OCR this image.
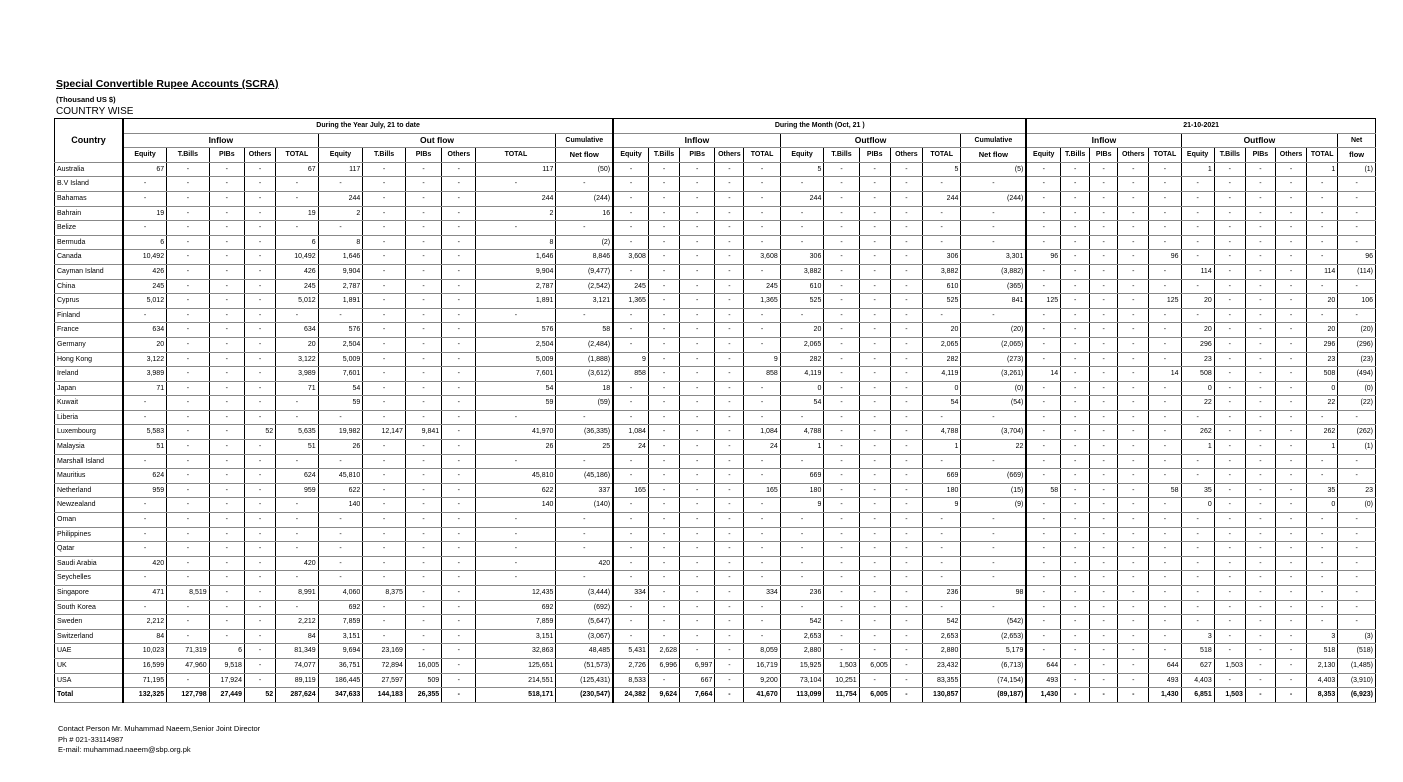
Special Convertible Rupee Accounts (SCRA)
(Thousand US $)
COUNTRY WISE
Country	During the Year July, 21 to date											During the Month (Oct, 21 )											21-10-2021										
	Inflow					Out flow					Cumulative	Inflow					Outflow					Cumulative	Inflow					Outflow					Net
	Equity	T.Bills	PIBs	Others	TOTAL	Equity	T.Bills	PIBs	Others	TOTAL	Net flow	Equity	T.Bills	PIBs	Others	TOTAL	Equity	T.Bills	PIBs	Others	TOTAL	Net flow	Equity	T.Bills	PIBs	Others	TOTAL	Equity	T.Bills	PIBs	Others	TOTAL	flow
Australia	67	-	-	-	67	117	-	-	-	117	(50)	-	-	-	-	-	5	-	-	-	5	(5)	-	-	-	-	-	1	-	-	-	1	(1)
B.V Island	-	-	-	-	-	-	-	-	-	-	-	-	-	-	-	-	-	-	-	-	-	-	-	-	-	-	-	-	-	-	-	-	-
Bahamas	-	-	-	-	-	244	-	-	-	244	(244)	-	-	-	-	-	244	-	-	-	244	(244)	-	-	-	-	-	-	-	-	-	-	-
Bahrain	19	-	-	-	19	2	-	-	-	2	16	-	-	-	-	-	-	-	-	-	-	-	-	-	-	-	-	-	-	-	-	-	-
Belize	-	-	-	-	-	-	-	-	-	-	-	-	-	-	-	-	-	-	-	-	-	-	-	-	-	-	-	-	-	-	-	-	-
Bermuda	6	-	-	-	6	8	-	-	-	8	(2)	-	-	-	-	-	-	-	-	-	-	-	-	-	-	-	-	-	-	-	-	-	-
Canada	10,492	-	-	-	10,492	1,646	-	-	-	1,646	8,846	3,608	-	-	-	3,608	306	-	-	-	306	3,301	96	-	-	-	96	-	-	-	-	-	96
Cayman Island	426	-	-	-	426	9,904	-	-	-	9,904	(9,477)	-	-	-	-	-	3,882	-	-	-	3,882	(3,882)	-	-	-	-	-	114	-	-	-	114	(114)
China	245	-	-	-	245	2,787	-	-	-	2,787	(2,542)	245	-	-	-	245	610	-	-	-	610	(365)	-	-	-	-	-	-	-	-	-	-	-
Cyprus	5,012	-	-	-	5,012	1,891	-	-	-	1,891	3,121	1,365	-	-	-	1,365	525	-	-	-	525	841	125	-	-	-	125	20	-	-	-	20	106
Finland	-	-	-	-	-	-	-	-	-	-	-	-	-	-	-	-	-	-	-	-	-	-	-	-	-	-	-	-	-	-	-	-	-
France	634	-	-	-	634	576	-	-	-	576	58	-	-	-	-	-	20	-	-	-	20	(20)	-	-	-	-	-	20	-	-	-	20	(20)
Germany	20	-	-	-	20	2,504	-	-	-	2,504	(2,484)	-	-	-	-	-	2,065	-	-	-	2,065	(2,065)	-	-	-	-	-	296	-	-	-	296	(296)
Hong Kong	3,122	-	-	-	3,122	5,009	-	-	-	5,009	(1,888)	9	-	-	-	9	282	-	-	-	282	(273)	-	-	-	-	-	23	-	-	-	23	(23)
Ireland	3,989	-	-	-	3,989	7,601	-	-	-	7,601	(3,612)	858	-	-	-	858	4,119	-	-	-	4,119	(3,261)	14	-	-	-	14	508	-	-	-	508	(494)
Japan	71	-	-	-	71	54	-	-	-	54	18	-	-	-	-	-	0	-	-	-	0	(0)	-	-	-	-	-	0	-	-	-	0	(0)
Kuwait	-	-	-	-	-	59	-	-	-	59	(59)	-	-	-	-	-	54	-	-	-	54	(54)	-	-	-	-	-	22	-	-	-	22	(22)
Liberia	-	-	-	-	-	-	-	-	-	-	-	-	-	-	-	-	-	-	-	-	-	-	-	-	-	-	-	-	-	-	-	-	-
Luxembourg	5,583	-	-	52	5,635	19,982	12,147	9,841	-	41,970	(36,335)	1,084	-	-	-	1,084	4,788	-	-	-	4,788	(3,704)	-	-	-	-	-	262	-	-	-	262	(262)
Malaysia	51	-	-	-	51	26	-	-	-	26	25	24	-	-	-	24	1	-	-	-	1	22	-	-	-	-	-	1	-	-	-	1	(1)
Marshall Island	-	-	-	-	-	-	-	-	-	-	-	-	-	-	-	-	-	-	-	-	-	-	-	-	-	-	-	-	-	-	-	-	-
Mauritius	624	-	-	-	624	45,810	-	-	-	45,810	(45,186)	-	-	-	-	-	669	-	-	-	669	(669)	-	-	-	-	-	-	-	-	-	-	-
Netherland	959	-	-	-	959	622	-	-	-	622	337	165	-	-	-	165	180	-	-	-	180	(15)	58	-	-	-	58	35	-	-	-	35	23
Newzealand	-	-	-	-	-	140	-	-	-	140	(140)	-	-	-	-	-	9	-	-	-	9	(9)	-	-	-	-	-	0	-	-	-	0	(0)
Oman	-	-	-	-	-	-	-	-	-	-	-	-	-	-	-	-	-	-	-	-	-	-	-	-	-	-	-	-	-	-	-	-	-
Philippines	-	-	-	-	-	-	-	-	-	-	-	-	-	-	-	-	-	-	-	-	-	-	-	-	-	-	-	-	-	-	-	-	-
Qatar	-	-	-	-	-	-	-	-	-	-	-	-	-	-	-	-	-	-	-	-	-	-	-	-	-	-	-	-	-	-	-	-	-
Saudi Arabia	420	-	-	-	420	-	-	-	-	-	420	-	-	-	-	-	-	-	-	-	-	-	-	-	-	-	-	-	-	-	-	-	-
Seychelles	-	-	-	-	-	-	-	-	-	-	-	-	-	-	-	-	-	-	-	-	-	-	-	-	-	-	-	-	-	-	-	-	-
Singapore	471	8,519	-	-	8,991	4,060	8,375	-	-	12,435	(3,444)	334	-	-	-	334	236	-	-	-	236	98	-	-	-	-	-	-	-	-	-	-	-
South Korea	-	-	-	-	-	692	-	-	-	692	(692)	-	-	-	-	-	-	-	-	-	-	-	-	-	-	-	-	-	-	-	-	-	-
Sweden	2,212	-	-	-	2,212	7,859	-	-	-	7,859	(5,647)	-	-	-	-	-	542	-	-	-	542	(542)	-	-	-	-	-	-	-	-	-	-	-
Switzerland	84	-	-	-	84	3,151	-	-	-	3,151	(3,067)	-	-	-	-	-	2,653	-	-	-	2,653	(2,653)	-	-	-	-	-	3	-	-	-	3	(3)
UAE	10,023	71,319	6	-	81,349	9,694	23,169	-	-	32,863	48,485	5,431	2,628	-	-	8,059	2,880	-	-	-	2,880	5,179	-	-	-	-	-	518	-	-	-	518	(518)
UK	16,599	47,960	9,518	-	74,077	36,751	72,894	16,005	-	125,651	(51,573)	2,726	6,996	6,997	-	16,719	15,925	1,503	6,005	-	23,432	(6,713)	644	-	-	-	644	627	1,503	-	-	2,130	(1,485)
USA	71,195	-	17,924	-	89,119	186,445	27,597	509	-	214,551	(125,431)	8,533	-	667	-	9,200	73,104	10,251	-	-	83,355	(74,154)	493	-	-	-	493	4,403	-	-	-	4,403	(3,910)
Total	132,325	127,798	27,449	52	287,624	347,633	144,183	26,355	-	518,171	(230,547)	24,382	9,624	7,664	-	41,670	113,099	11,754	6,005	-	130,857	(89,187)	1,430	-	-	-	1,430	6,851	1,503	-	-	8,353	(6,923)
Contact Person Mr. Muhammad Naeem,Senior Joint Director
Ph # 021-33114987
E-mail: muhammad.naeem@sbp.org.pk
